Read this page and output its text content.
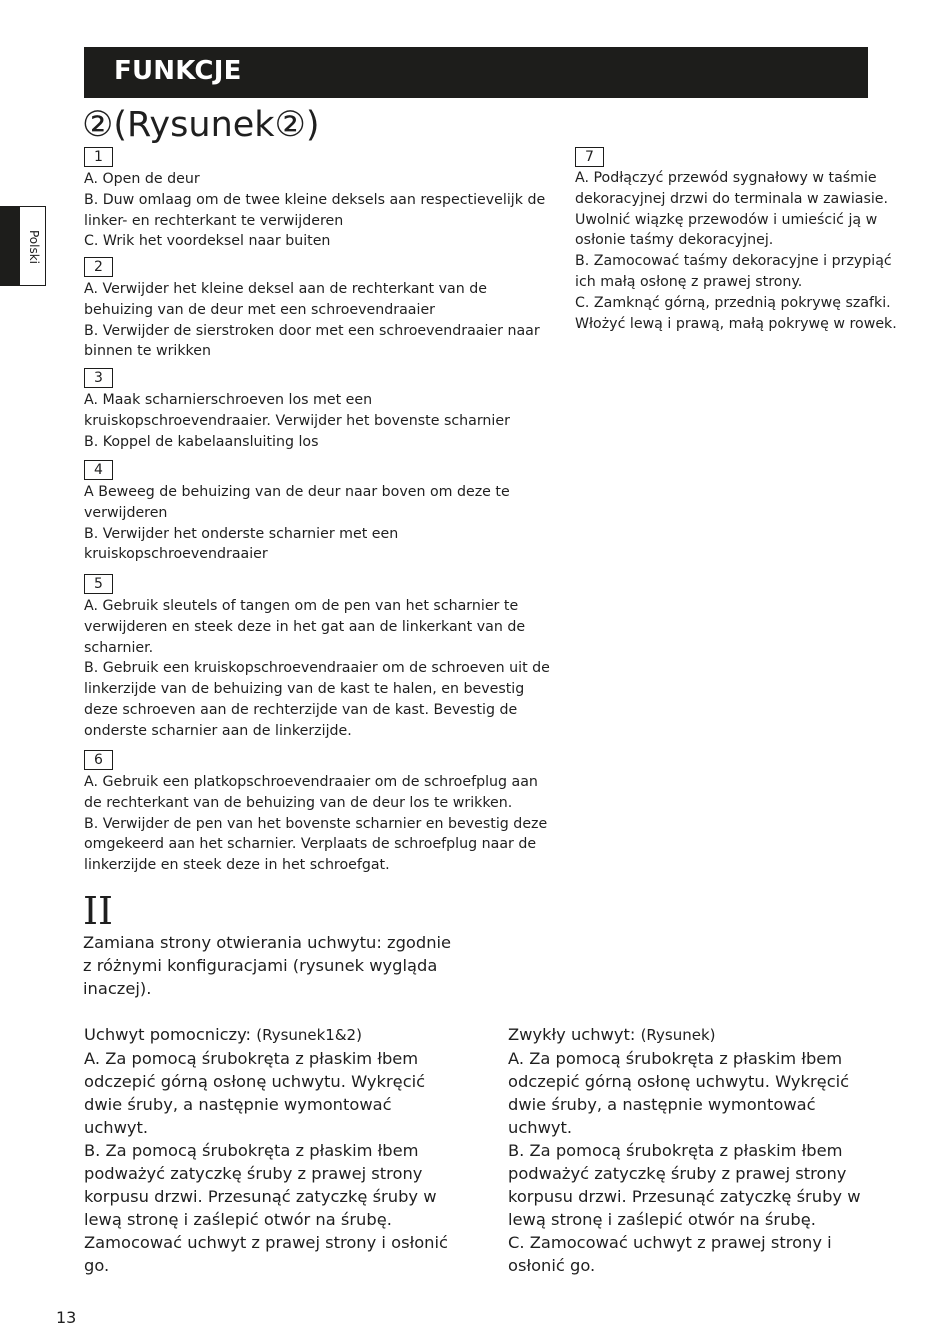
FUNKCJE
②(Rysunek②)
Polski
1

A. Open de deur

B. Duw omlaag om de twee kleine deksels aan respectievelijk de linker- en rechterkant te verwijderen

C. Wrik het voordeksel naar buiten

2

A. Verwijder het kleine deksel aan de rechterkant van de behuizing van de deur met een schroevendraaier

B. Verwijder de sierstroken door met een schroevendraaier naar binnen te wrikken

3

A. Maak scharnierschroeven los met een kruiskopschroevendraaier. Verwijder het bovenste scharnier

B. Koppel de kabelaansluiting los

4

A Beweeg de behuizing van de deur naar boven om deze te verwijderen

B. Verwijder het onderste scharnier met een kruiskopschroevendraaier

5

A. Gebruik sleutels of tangen om de pen van het scharnier te verwijderen en steek deze in het gat aan de linkerkant van de scharnier.

B. Gebruik een kruiskopschroevendraaier om de schroeven uit de linkerzijde van de behuizing van de kast te halen, en bevestig deze schroeven aan de rechterzijde van de kast. Bevestig de onderste scharnier aan de linkerzijde.

6

A. Gebruik een platkopschroevendraaier om de schroefplug aan de rechterkant van de behuizing van de deur los te wrikken.

B. Verwijder de pen van het bovenste scharnier en bevestig deze omgekeerd aan het scharnier. Verplaats de schroefplug naar de linkerzijde en steek deze in het schroefgat.

7

A. Podłączyć przewód sygnałowy w taśmie dekoracyjnej drzwi do terminala w zawiasie. Uwolnić wiązkę przewodów i umieścić ją w osłonie taśmy dekoracyjnej.

B. Zamocować taśmy dekoracyjne i przypiąć ich małą osłonę z prawej strony.

C. Zamknąć górną, przednią pokrywę szafki. Włożyć lewą i prawą, małą pokrywę w rowek.

II
Zamiana strony otwierania uchwytu: zgodnie z różnymi konfiguracjami (rysunek wygląda inaczej).

Uchwyt pomocniczy: (Rysunek1&2)

A. Za pomocą śrubokręta z płaskim łbem odczepić górną osłonę uchwytu. Wykręcić dwie śruby, a następnie wymontować uchwyt.

B. Za pomocą śrubokręta z płaskim łbem podważyć zatyczkę śruby z prawej strony korpusu drzwi. Przesunąć zatyczkę śruby w lewą stronę i zaślepić otwór na śrubę. Zamocować uchwyt z prawej strony i osłonić go.

Zwykły uchwyt: (Rysunek)

A. Za pomocą śrubokręta z płaskim łbem odczepić górną osłonę uchwytu. Wykręcić dwie śruby, a następnie wymontować uchwyt.

B. Za pomocą śrubokręta z płaskim łbem podważyć zatyczkę śruby z prawej strony korpusu drzwi. Przesunąć zatyczkę śruby w lewą stronę i zaślepić otwór na śrubę.

C. Zamocować uchwyt z prawej strony i osłonić go.

13
